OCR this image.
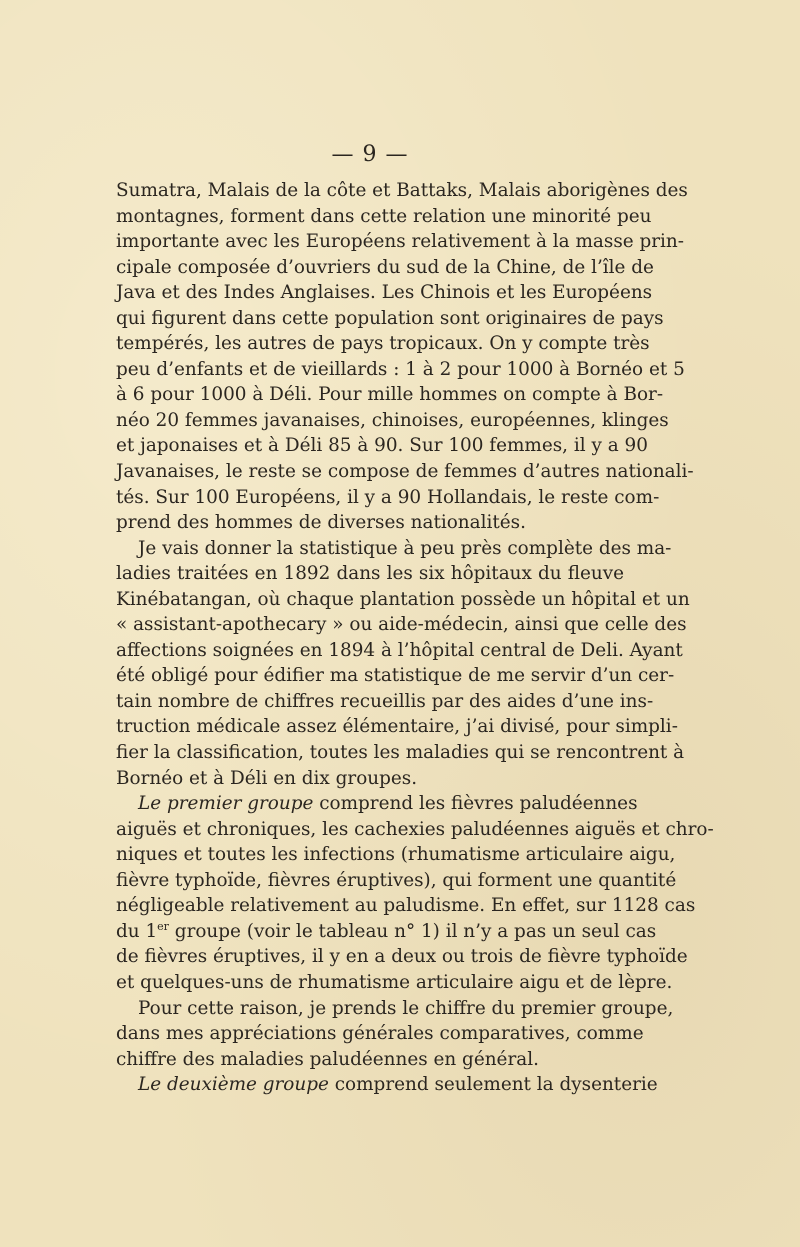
— 9 —
Sumatra, Malais de la côte et Battaks, Malais aborigènes des
montagnes, forment dans cette relation une minorité peu
importante avec les Européens relativement à la masse prin-
cipale composée d’ouvriers du sud de la Chine, de l’île de
Java et des Indes Anglaises. Les Chinois et les Européens
qui figurent dans cette population sont originaires de pays
tempérés, les autres de pays tropicaux. On y compte très
peu d’enfants et de vieillards : 1 à 2 pour 1000 à Bornéo et 5
à 6 pour 1000 à Déli. Pour mille hommes on compte à Bor-
néo 20 femmes javanaises, chinoises, européennes, klinges
et japonaises et à Déli 85 à 90. Sur 100 femmes, il y a 90
Javanaises, le reste se compose de femmes d’autres nationali-
tés. Sur 100 Européens, il y a 90 Hollandais, le reste com-
prend des hommes de diverses nationalités.
Je vais donner la statistique à peu près complète des ma-
ladies traitées en 1892 dans les six hôpitaux du fleuve
Kinébatangan, où chaque plantation possède un hôpital et un
« assistant-apothecary » ou aide-médecin, ainsi que celle des
affections soignées en 1894 à l’hôpital central de Deli. Ayant
été obligé pour édifier ma statistique de me servir d’un cer-
tain nombre de chiffres recueillis par des aides d’une ins-
truction médicale assez élémentaire, j’ai divisé, pour simpli-
fier la classification, toutes les maladies qui se rencontrent à
Bornéo et à Déli en dix groupes.
Le premier groupe comprend les fièvres paludéennes
aiguës et chroniques, les cachexies paludéennes aiguës et chro-
niques et toutes les infections (rhumatisme articulaire aigu,
fièvre typhoïde, fièvres éruptives), qui forment une quantité
négligeable relativement au paludisme. En effet, sur 1128 cas
du 1er groupe (voir le tableau n° 1) il n’y a pas un seul cas
de fièvres éruptives, il y en a deux ou trois de fièvre typhoïde
et quelques-uns de rhumatisme articulaire aigu et de lèpre.
Pour cette raison, je prends le chiffre du premier groupe,
dans mes appréciations générales comparatives, comme
chiffre des maladies paludéennes en général.
Le deuxième groupe comprend seulement la dysenterie
